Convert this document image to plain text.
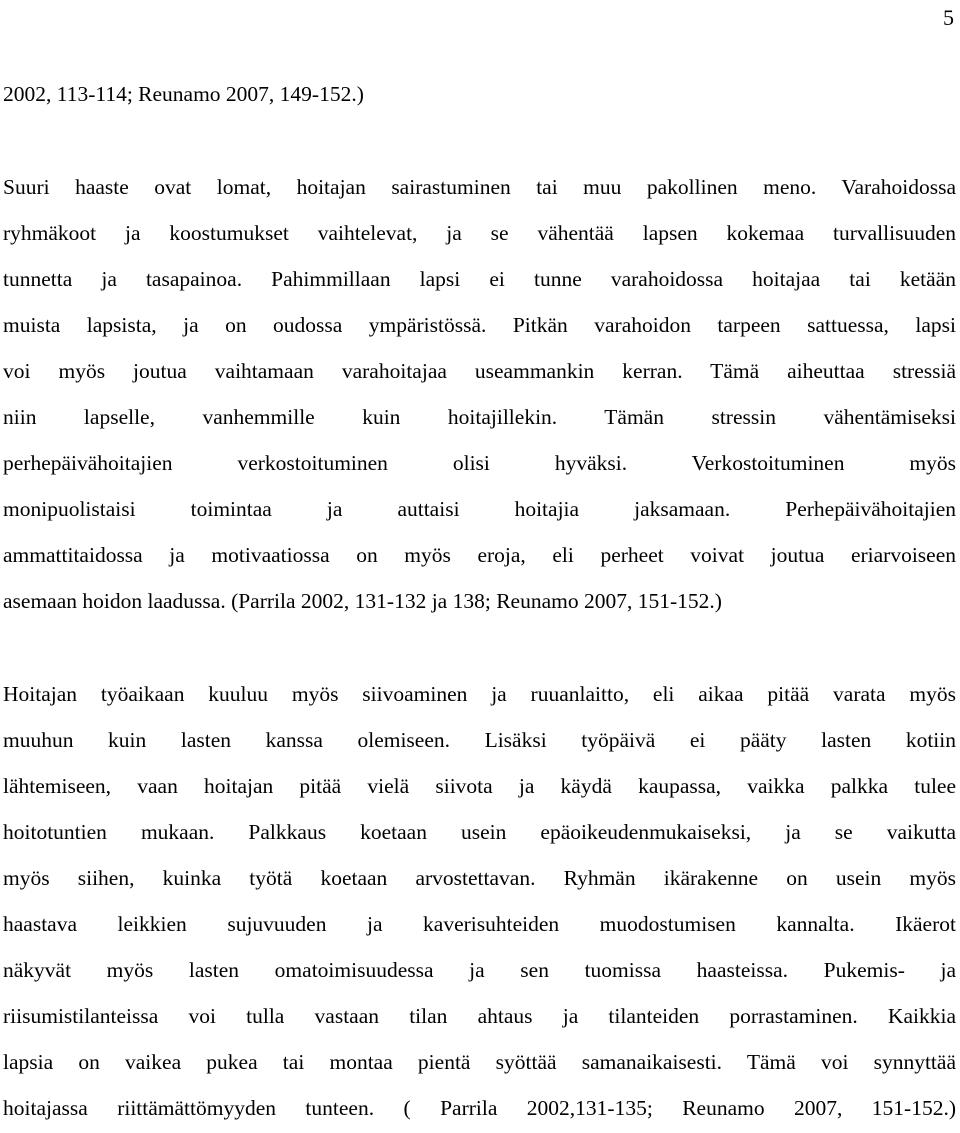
5
2002, 113-114; Reunamo 2007, 149-152.)
Suuri haaste ovat lomat, hoitajan sairastuminen tai muu pakollinen meno. Varahoidossa
ryhmäkoot ja koostumukset vaihtelevat, ja se vähentää lapsen kokemaa turvallisuuden
tunnetta ja tasapainoa. Pahimmillaan lapsi ei tunne varahoidossa hoitajaa tai ketään
muista lapsista, ja on oudossa ympäristössä. Pitkän varahoidon tarpeen sattuessa, lapsi
voi myös joutua vaihtamaan varahoitajaa useammankin kerran. Tämä aiheuttaa stressiä
niin lapselle, vanhemmille kuin hoitajillekin. Tämän stressin vähentämiseksi
perhepäivähoitajien verkostoituminen olisi hyväksi. Verkostoituminen myös
monipuolistaisi toimintaa ja auttaisi hoitajia jaksamaan. Perhepäivähoitajien
ammattitaidossa ja motivaatiossa on myös eroja, eli perheet voivat joutua eriarvoiseen
asemaan hoidon laadussa. (Parrila 2002, 131-132 ja 138; Reunamo 2007, 151-152.)
Hoitajan työaikaan kuuluu myös siivoaminen ja ruuanlaitto, eli aikaa pitää varata myös
muuhun kuin lasten kanssa olemiseen. Lisäksi työpäivä ei pääty lasten kotiin
lähtemiseen, vaan hoitajan pitää vielä siivota ja käydä kaupassa, vaikka palkka tulee
hoitotuntien mukaan. Palkkaus koetaan usein epäoikeudenmukaiseksi, ja se vaikutta
myös siihen, kuinka työtä koetaan arvostettavan. Ryhmän ikärakenne on usein myös
haastava leikkien sujuvuuden ja kaverisuhteiden muodostumisen kannalta. Ikäerot
näkyvät myös lasten omatoimisuudessa ja sen tuomissa haasteissa. Pukemis- ja
riisumistilanteissa voi tulla vastaan tilan ahtaus ja tilanteiden porrastaminen. Kaikkia
lapsia on vaikea pukea tai montaa pientä syöttää samanaikaisesti. Tämä voi synnyttää
hoitajassa riittämättömyyden tunteen. ( Parrila 2002,131-135; Reunamo 2007, 151-152.)
